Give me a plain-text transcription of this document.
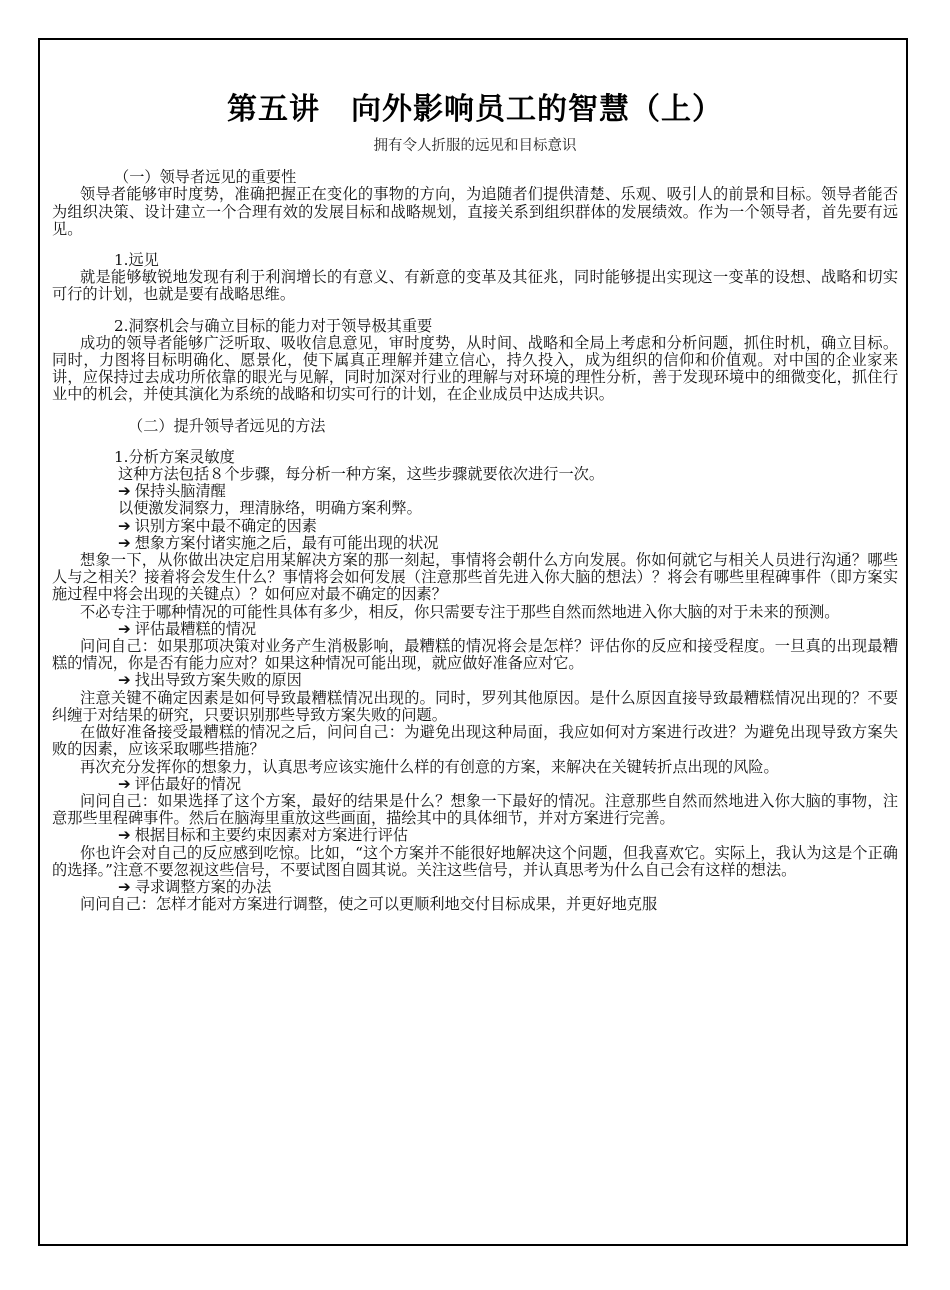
第五讲　向外影响员工的智慧（上）
拥有令人折服的远见和目标意识

（一）领导者远见的重要性

领导者能够审时度势，准确把握正在变化的事物的方向，为追随者们提供清楚、乐观、吸引人的前景和目标。领导者能否为组织决策、设计建立一个合理有效的发展目标和战略规划，直接关系到组织群体的发展绩效。作为一个领导者，首先要有远见。

1.远见

就是能够敏锐地发现有利于利润增长的有意义、有新意的变革及其征兆，同时能够提出实现这一变革的设想、战略和切实可行的计划，也就是要有战略思维。

2.洞察机会与确立目标的能力对于领导极其重要

成功的领导者能够广泛听取、吸收信息意见，审时度势，从时间、战略和全局上考虑和分析问题，抓住时机，确立目标。同时，力图将目标明确化、愿景化，使下属真正理解并建立信心，持久投入，成为组织的信仰和价值观。对中国的企业家来讲，应保持过去成功所依靠的眼光与见解，同时加深对行业的理解与对环境的理性分析，善于发现环境中的细微变化，抓住行业中的机会，并使其演化为系统的战略和切实可行的计划，在企业成员中达成共识。

（二）提升领导者远见的方法

1.分析方案灵敏度

这种方法包括８个步骤，每分析一种方案，这些步骤就要依次进行一次。

➔ 保持头脑清醒

以便激发洞察力，理清脉络，明确方案利弊。

➔ 识别方案中最不确定的因素

➔ 想象方案付诸实施之后，最有可能出现的状况

想象一下，从你做出决定启用某解决方案的那一刻起，事情将会朝什么方向发展。你如何就它与相关人员进行沟通？哪些人与之相关？接着将会发生什么？事情将会如何发展（注意那些首先进入你大脑的想法）？将会有哪些里程碑事件（即方案实施过程中将会出现的关键点）？如何应对最不确定的因素？

不必专注于哪种情况的可能性具体有多少，相反，你只需要专注于那些自然而然地进入你大脑的对于未来的预测。

➔ 评估最糟糕的情况

问问自己：如果那项决策对业务产生消极影响，最糟糕的情况将会是怎样？评估你的反应和接受程度。一旦真的出现最糟糕的情况，你是否有能力应对？如果这种情况可能出现，就应做好准备应对它。

➔ 找出导致方案失败的原因

注意关键不确定因素是如何导致最糟糕情况出现的。同时，罗列其他原因。是什么原因直接导致最糟糕情况出现的？不要纠缠于对结果的研究，只要识别那些导致方案失败的问题。

在做好准备接受最糟糕的情况之后，问问自己：为避免出现这种局面，我应如何对方案进行改进？为避免出现导致方案失败的因素，应该采取哪些措施？

再次充分发挥你的想象力，认真思考应该实施什么样的有创意的方案，来解决在关键转折点出现的风险。

➔ 评估最好的情况

问问自己：如果选择了这个方案，最好的结果是什么？想象一下最好的情况。注意那些自然而然地进入你大脑的事物，注意那些里程碑事件。然后在脑海里重放这些画面，描绘其中的具体细节，并对方案进行完善。

➔ 根据目标和主要约束因素对方案进行评估

你也许会对自己的反应感到吃惊。比如，“这个方案并不能很好地解决这个问题，但我喜欢它。实际上，我认为这是个正确的选择。”注意不要忽视这些信号，不要试图自圆其说。关注这些信号，并认真思考为什么自己会有这样的想法。

➔ 寻求调整方案的办法

问问自己：怎样才能对方案进行调整，使之可以更顺利地交付目标成果，并更好地克服
